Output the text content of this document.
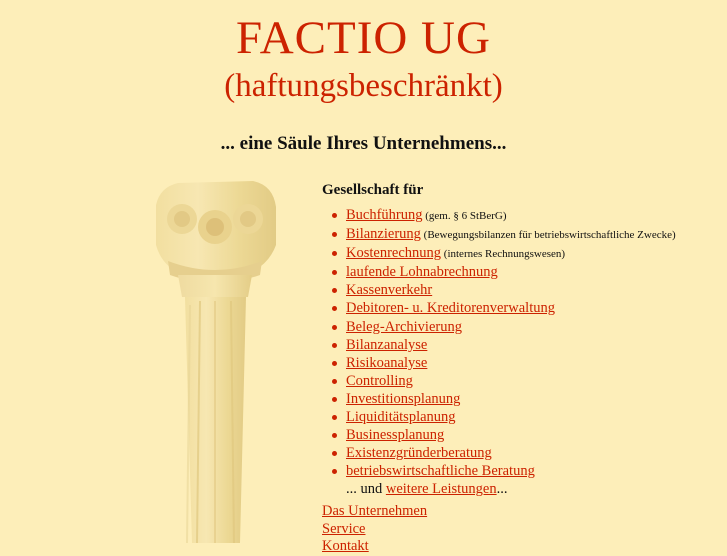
FACTIO UG
(haftungsbeschränkt)
... eine Säule Ihres Unternehmens...
Gesellschaft für
Buchführung (gem. § 6 StBerG)
Bilanzierung (Bewegungsbilanzen für betriebswirtschaftliche Zwecke)
Kostenrechnung (internes Rechnungswesen)
laufende Lohnabrechnung
Kassenverkehr
Debitoren- u. Kreditorenverwaltung
Beleg-Archivierung
Bilanzanalyse
Risikoanalyse
Controlling
Investitionsplanung
Liquiditätsplanung
Businessplanung
Existenzgründerberatung
betriebswirtschaftliche Beratung
... und weitere Leistungen...
Das Unternehmen
Service
Kontakt
